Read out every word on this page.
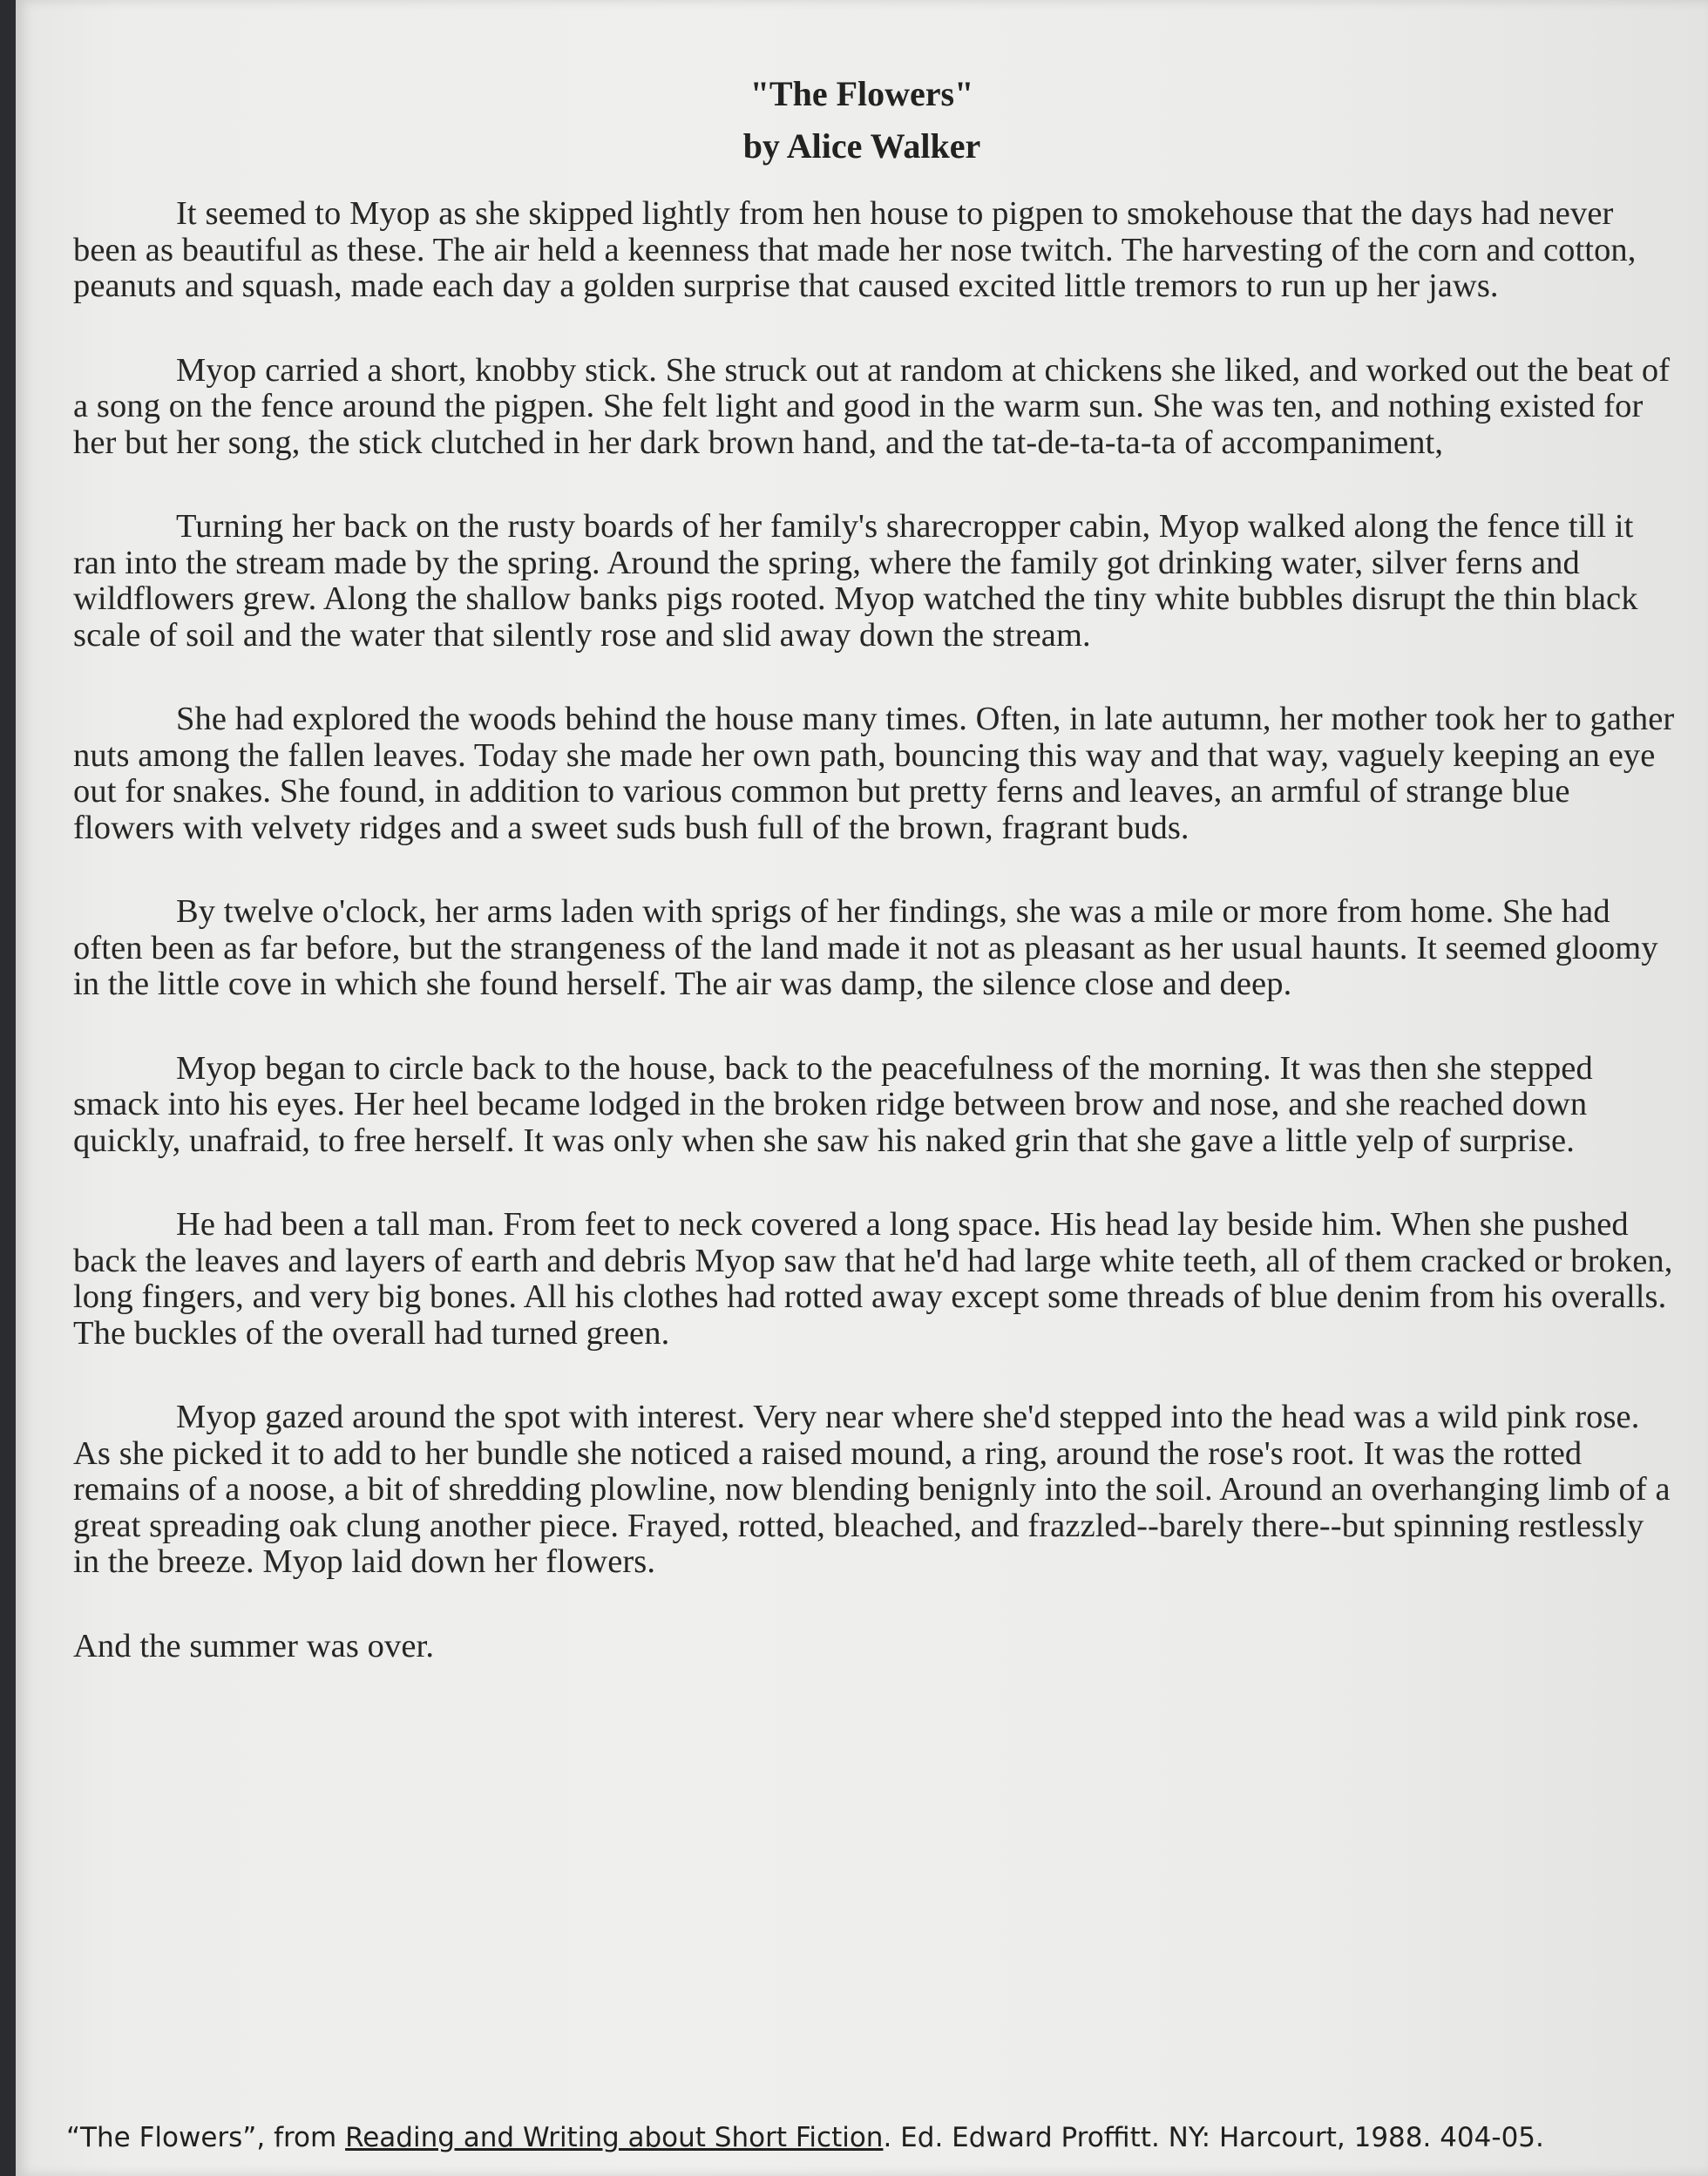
"The Flowers"
by Alice Walker

It seemed to Myop as she skipped lightly from hen house to pigpen to smokehouse that the days had never been as beautiful as these. The air held a keenness that made her nose twitch. The harvesting of the corn and cotton, peanuts and squash, made each day a golden surprise that caused excited little tremors to run up her jaws.

Myop carried a short, knobby stick. She struck out at random at chickens she liked, and worked out the beat of a song on the fence around the pigpen. She felt light and good in the warm sun. She was ten, and nothing existed for her but her song, the stick clutched in her dark brown hand, and the tat-de-ta-ta-ta of accompaniment,

Turning her back on the rusty boards of her family's sharecropper cabin, Myop walked along the fence till it ran into the stream made by the spring. Around the spring, where the family got drinking water, silver ferns and wildflowers grew. Along the shallow banks pigs rooted. Myop watched the tiny white bubbles disrupt the thin black scale of soil and the water that silently rose and slid away down the stream.

She had explored the woods behind the house many times. Often, in late autumn, her mother took her to gather nuts among the fallen leaves. Today she made her own path, bouncing this way and that way, vaguely keeping an eye out for snakes. She found, in addition to various common but pretty ferns and leaves, an armful of strange blue flowers with velvety ridges and a sweet suds bush full of the brown, fragrant buds.

By twelve o'clock, her arms laden with sprigs of her findings, she was a mile or more from home. She had often been as far before, but the strangeness of the land made it not as pleasant as her usual haunts. It seemed gloomy in the little cove in which she found herself. The air was damp, the silence close and deep.

Myop began to circle back to the house, back to the peacefulness of the morning. It was then she stepped smack into his eyes. Her heel became lodged in the broken ridge between brow and nose, and she reached down quickly, unafraid, to free herself. It was only when she saw his naked grin that she gave a little yelp of surprise.

He had been a tall man. From feet to neck covered a long space. His head lay beside him. When she pushed back the leaves and layers of earth and debris Myop saw that he'd had large white teeth, all of them cracked or broken, long fingers, and very big bones. All his clothes had rotted away except some threads of blue denim from his overalls. The buckles of the overall had turned green.

Myop gazed around the spot with interest. Very near where she'd stepped into the head was a wild pink rose. As she picked it to add to her bundle she noticed a raised mound, a ring, around the rose's root. It was the rotted remains of a noose, a bit of shredding plowline, now blending benignly into the soil. Around an overhanging limb of a great spreading oak clung another piece. Frayed, rotted, bleached, and frazzled--barely there--but spinning restlessly in the breeze. Myop laid down her flowers.

And the summer was over.

“The Flowers”, from Reading and Writing about Short Fiction. Ed. Edward Proffitt. NY: Harcourt, 1988. 404-05.
